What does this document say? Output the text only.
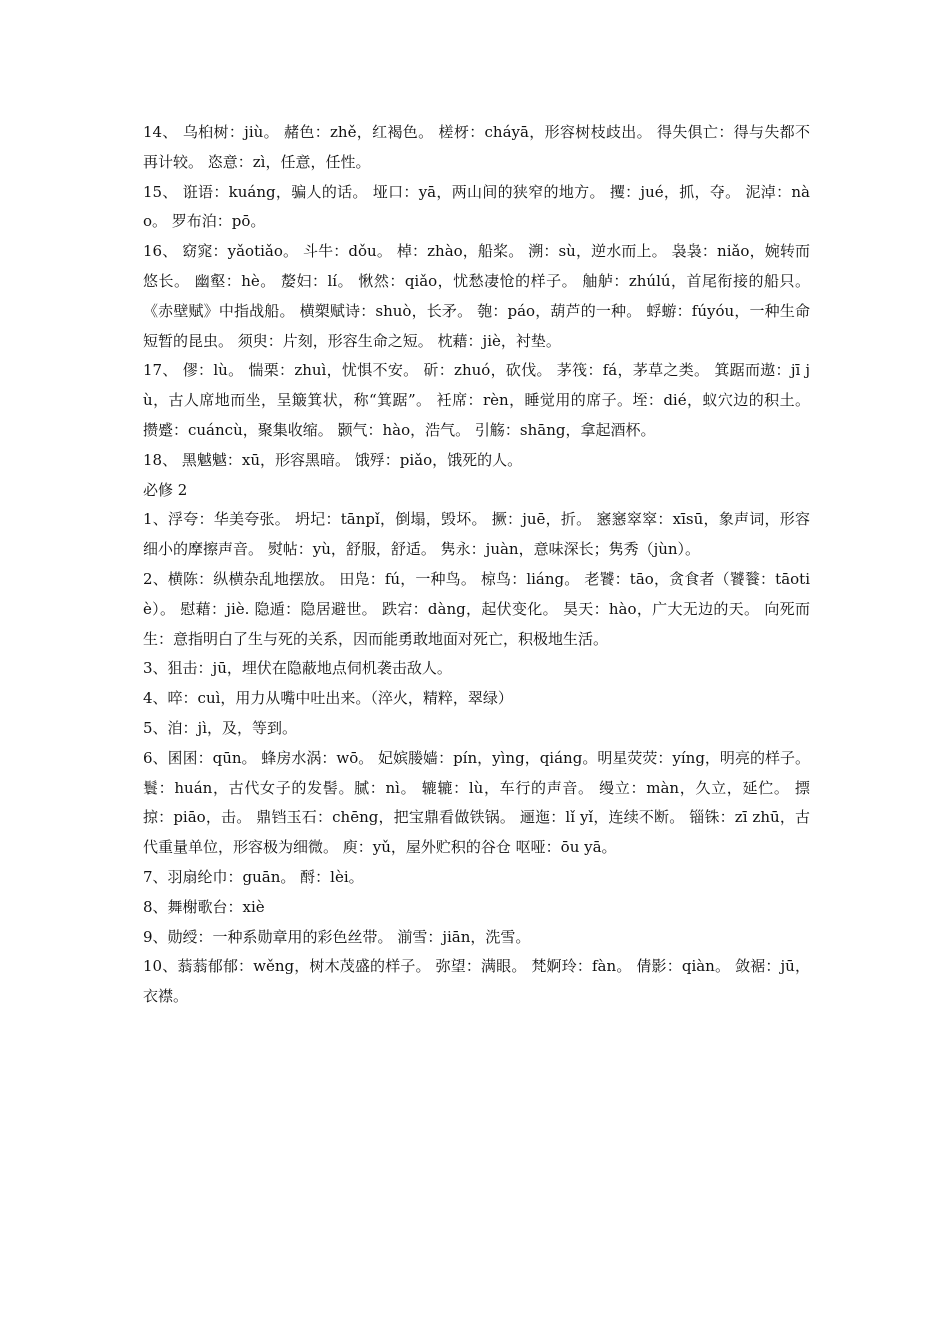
14、 乌桕树：jiù。 赭色：zhě，红褐色。 槎枒：cháyā，形容树枝歧出。 得失俱亡：得与失都不再计较。 恣意：zì，任意，任性。

15、 诳语：kuáng，骗人的话。 垭口：yā，两山间的狭窄的地方。 攫：jué，抓，夺。 泥淖：nào。 罗布泊：pō。

16、 窈窕：yǎotiǎo。 斗牛：dǒu。 棹：zhào，船桨。 溯：sù，逆水而上。 袅袅：niǎo，婉转而悠长。 幽壑：hè。 嫠妇：lí。 愀然：qiǎo，忧愁凄怆的样子。 舳舻：zhúlú，首尾衔接的船只。《赤壁赋》中指战船。 横槊赋诗：shuò，长矛。 匏：páo，葫芦的一种。 蜉蝣：fúyóu，一种生命短暂的昆虫。 须臾：片刻，形容生命之短。 枕藉：jiè，衬垫。

17、 僇：lù。 惴栗：zhuì，忧惧不安。 斫：zhuó，砍伐。 茅筏：fá，茅草之类。 箕踞而遨：jī jù，古人席地而坐，呈簸箕状，称“箕踞”。 衽席：rèn，睡觉用的席子。垤：dié，蚁穴边的积土。 攒蹙：cuáncù，聚集收缩。 颢气：hào，浩气。 引觞：shāng，拿起酒杯。

18、 黑魆魆：xū，形容黑暗。 饿殍：piǎo，饿死的人。

必修 2

1、浮夸：华美夸张。 坍圮：tānpǐ，倒塌，毁坏。 撅：juē，折。 窸窸窣窣：xīsū，象声词，形容细小的摩擦声音。 熨帖：yù，舒服，舒适。 隽永：juàn，意味深长；隽秀（jùn）。

2、横陈：纵横杂乱地摆放。 田凫：fú，一种鸟。 椋鸟：liáng。 老饕：tāo，贪食者（饕餮：tāotiè）。 慰藉：jiè. 隐遁：隐居避世。 跌宕：dàng，起伏变化。 昊天：hào，广大无边的天。 向死而生：意指明白了生与死的关系，因而能勇敢地面对死亡，积极地生活。

3、狙击：jū，埋伏在隐蔽地点伺机袭击敌人。

4、啐：cuì，用力从嘴中吐出来。（淬火，精粹，翠绿）

5、洎：jì，及，等到。

6、囷囷：qūn。 蜂房水涡：wō。 妃嫔媵嫱：pín，yìng，qiáng。明星荧荧：yíng，明亮的样子。 鬟：huán，古代女子的发髻。腻：nì。 辘辘：lù，车行的声音。 缦立：màn，久立，延伫。 摽掠：piāo，击。 鼎铛玉石：chēng，把宝鼎看做铁锅。 逦迤：lǐ yǐ，连续不断。 锱铢：zī zhū，古代重量单位，形容极为细微。 庾：yǔ，屋外贮积的谷仓 呕哑：ōu yā。

7、羽扇纶巾：guān。 酹：lèi。

8、舞榭歌台：xiè

9、勋绶：一种系勋章用的彩色丝带。 湔雪：jiān，洗雪。

10、蓊蓊郁郁：wěng，树木茂盛的样子。 弥望：满眼。 梵婀玲：fàn。 倩影：qiàn。 敛裾：jū，衣襟。
